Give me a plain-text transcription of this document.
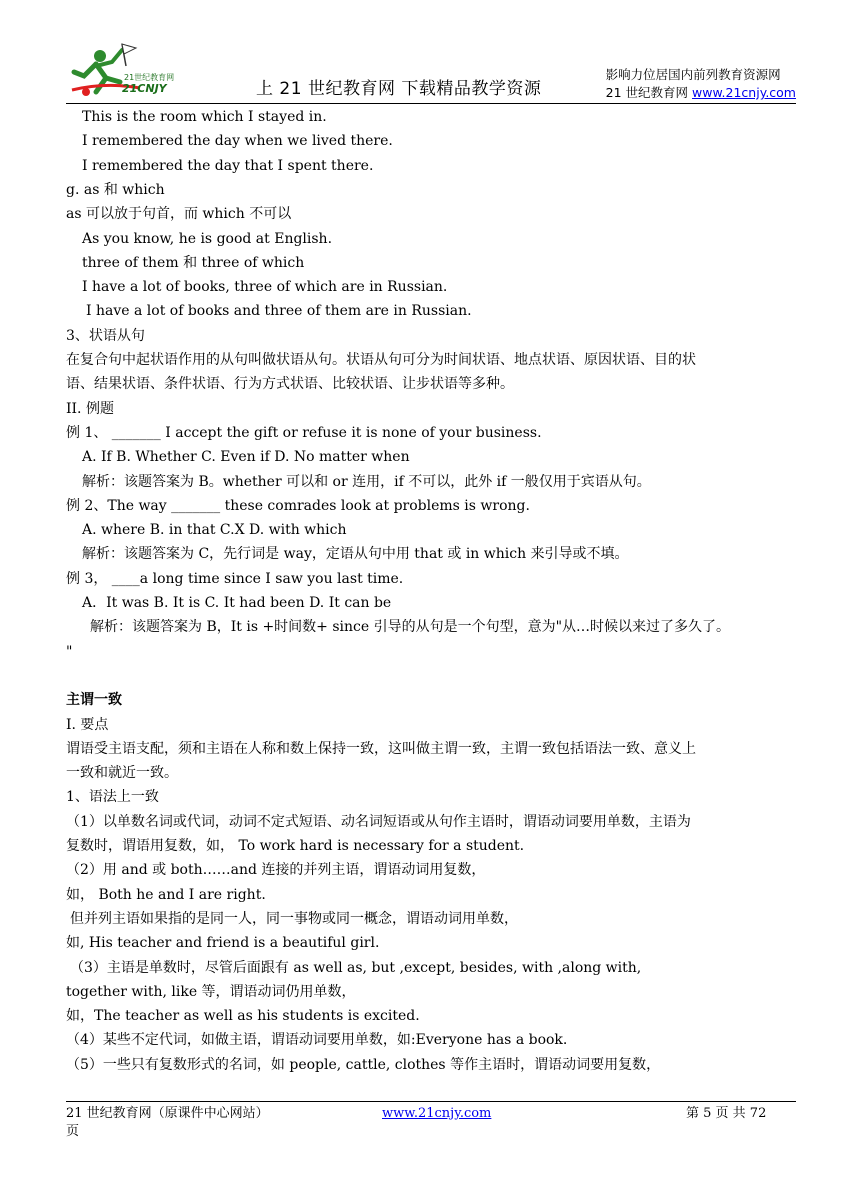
21世纪教育网
21CNJY	上 21 世纪教育网 下载精品教学资源
影响力位居国内前列教育资源网
21 世纪教育网 www.21cnjy.com
This is the room which I stayed in.
I remembered the day when we lived there.
I remembered the day that I spent there.
g. as 和 which
as 可以放于句首，而 which 不可以
As you know, he is good at English.
three of them 和 three of which
I have a lot of books, three of which are in Russian.
I have a lot of books and three of them are in Russian.
3、状语从句
在复合句中起状语作用的从句叫做状语从句。状语从句可分为时间状语、地点状语、原因状语、目的状
语、结果状语、条件状语、行为方式状语、比较状语、让步状语等多种。
II. 例题
例 1、 _______ I accept the gift or refuse it is none of your business.
A. If B. Whether C. Even if D. No matter when
解析：该题答案为 B。whether 可以和 or 连用，if 不可以，此外 if 一般仅用于宾语从句。
例 2、The way _______ these comrades look at problems is wrong.
A. where B. in that C.X D. with which
解析：该题答案为 C，先行词是 way，定语从句中用 that 或 in which 来引导或不填。
例 3， ____a long time since I saw you last time.
A．It was B. It is C. It had been D. It can be
解析：该题答案为 B，It is +时间数+ since 引导的从句是一个句型，意为"从…时候以来过了多久了。
"
主谓一致
I. 要点
谓语受主语支配，须和主语在人称和数上保持一致，这叫做主谓一致，主谓一致包括语法一致、意义上
一致和就近一致。
1、语法上一致
（1）以单数名词或代词，动词不定式短语、动名词短语或从句作主语时，谓语动词要用单数，主语为
复数时，谓语用复数，如， To work hard is necessary for a student.
（2）用 and 或 both……and 连接的并列主语，谓语动词用复数，
如， Both he and I are right.
但并列主语如果指的是同一人，同一事物或同一概念，谓语动词用单数，
如, His teacher and friend is a beautiful girl.
（3）主语是单数时，尽管后面跟有 as well as, but ,except, besides, with ,along with,
together with, like 等，谓语动词仍用单数，
如，The teacher as well as his students is excited.
（4）某些不定代词，如做主语，谓语动词要用单数，如:Everyone has a book.
（5）一些只有复数形式的名词，如 people, cattle, clothes 等作主语时，谓语动词要用复数，
21 世纪教育网（原课件中心网站）	www.21cnjy.com	第 5 页 共 72
页
